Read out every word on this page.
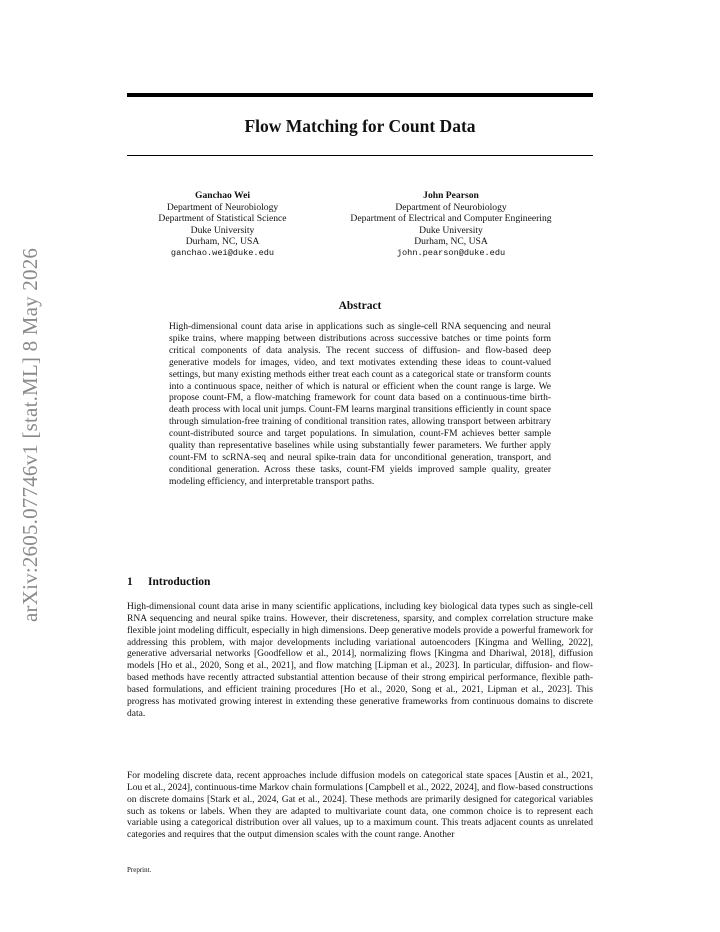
arXiv:2605.07746v1 [stat.ML] 8 May 2026
Flow Matching for Count Data
Ganchao Wei
Department of Neurobiology
Department of Statistical Science
Duke University
Durham, NC, USA
ganchao.wei@duke.edu
John Pearson
Department of Neurobiology
Department of Electrical and Computer Engineering
Duke University
Durham, NC, USA
john.pearson@duke.edu
Abstract

High-dimensional count data arise in applications such as single-cell RNA sequencing and neural spike trains, where mapping between distributions across successive batches or time points form critical components of data analysis. The recent success of diffusion- and flow-based deep generative models for images, video, and text motivates extending these ideas to count-valued settings, but many existing methods either treat each count as a categorical state or transform counts into a continuous space, neither of which is natural or efficient when the count range is large. We propose count-FM, a flow-matching framework for count data based on a continuous-time birth-death process with local unit jumps. Count-FM learns marginal transitions efficiently in count space through simulation-free training of conditional transition rates, allowing transport between arbitrary count-distributed source and target populations. In simulation, count-FM achieves better sample quality than representative baselines while using substantially fewer parameters. We further apply count-FM to scRNA-seq and neural spike-train data for unconditional generation, transport, and conditional generation. Across these tasks, count-FM yields improved sample quality, greater modeling efficiency, and interpretable transport paths.

1 Introduction

High-dimensional count data arise in many scientific applications, including key biological data types such as single-cell RNA sequencing and neural spike trains. However, their discreteness, sparsity, and complex correlation structure make flexible joint modeling difficult, especially in high dimensions. Deep generative models provide a powerful framework for addressing this problem, with major developments including variational autoencoders [Kingma and Welling, 2022], generative adversarial networks [Goodfellow et al., 2014], normalizing flows [Kingma and Dhariwal, 2018], diffusion models [Ho et al., 2020, Song et al., 2021], and flow matching [Lipman et al., 2023]. In particular, diffusion- and flow-based methods have recently attracted substantial attention because of their strong empirical performance, flexible path-based formulations, and efficient training procedures [Ho et al., 2020, Song et al., 2021, Lipman et al., 2023]. This progress has motivated growing interest in extending these generative frameworks from continuous domains to discrete data.

For modeling discrete data, recent approaches include diffusion models on categorical state spaces [Austin et al., 2021, Lou et al., 2024], continuous-time Markov chain formulations [Campbell et al., 2022, 2024], and flow-based constructions on discrete domains [Stark et al., 2024, Gat et al., 2024]. These methods are primarily designed for categorical variables such as tokens or labels. When they are adapted to multivariate count data, one common choice is to represent each variable using a categorical distribution over all values, up to a maximum count. This treats adjacent counts as unrelated categories and requires that the output dimension scales with the count range. Another

Preprint.
